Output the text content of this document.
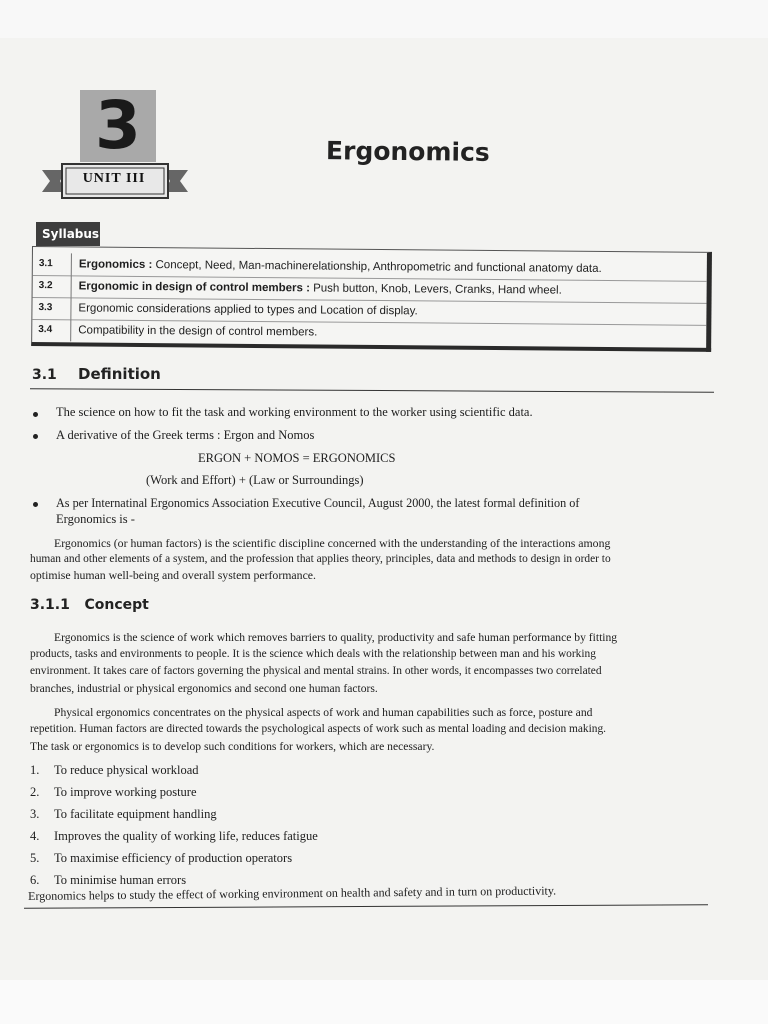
3
UNIT III
Ergonomics
Syllabus
3.1	Ergonomics : Concept, Need, Man-machinerelationship, Anthropometric and functional anatomy data.
3.2	Ergonomic in design of control members : Push button, Knob, Levers, Cranks, Hand wheel.
3.3	Ergonomic considerations applied to types and Location of display.
3.4	Compatibility in the design of control members.
3.1 Definition
The science on how to fit the task and working environment to the worker using scientific data.
A derivative of the Greek terms : Ergon and Nomos
ERGON + NOMOS = ERGONOMICS
(Work and Effort) + (Law or Surroundings)
As per Internatinal Ergonomics Association Executive Council, August 2000, the latest formal definition of
Ergonomics is -
Ergonomics (or human factors) is the scientific discipline concerned with the understanding of the interactions among
human and other elements of a system, and the profession that applies theory, principles, data and methods to design in order to
optimise human well-being and overall system performance.
3.1.1   Concept
Ergonomics is the science of work which removes barriers to quality, productivity and safe human performance by fitting
products, tasks and environments to people. It is the science which deals with the relationship between man and his working
environment. It takes care of factors governing the physical and mental strains. In other words, it encompasses two correlated
branches, industrial or physical ergonomics and second one human factors.
Physical ergonomics concentrates on the physical aspects of work and human capabilities such as force, posture and
repetition. Human factors are directed towards the psychological aspects of work such as mental loading and decision making.
The task or ergonomics is to develop such conditions for workers, which are necessary.
1. To reduce physical workload
2. To improve working posture
3. To facilitate equipment handling
4. Improves the quality of working life, reduces fatigue
5. To maximise efficiency of production operators
6. To minimise human errors
Ergonomics helps to study the effect of working environment on health and safety and in turn on productivity.
